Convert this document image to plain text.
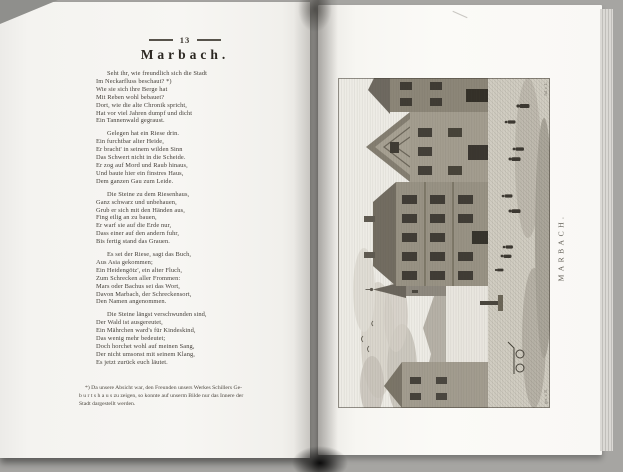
13
Marbach.
Seht ihr, wie freundlich sich die Stadt
Im Neckarfluss beschaut? *)
Wie sie sich ihre Berge hat
Mit Reben wohl bebauet?
Dort, wie die alte Chronik spricht,
Hat vor viel Jahren dumpf und dicht
Ein Tannenwald gegraust.
Gelegen hat ein Riese drin.
Ein furchtbar alter Heide,
Er bracht' in seinem wilden Sinn
Das Schwert nicht in die Scheide.
Er zog auf Mord und Raub hinaus,
Und baute hier ein finstres Haus,
Dem ganzen Gau zum Leide.
Die Steine zu dem Riesenhaus,
Ganz schwarz und unbehauen,
Grub er sich mit den Händen aus,
Fing eilig an zu bauen,
Er warf sie auf die Erde nur,
Dass einer auf den andern fuhr,
Bis fertig stand das Grauen.
Es sei der Riese, sagt das Buch,
Aus Asia gekommen;
Ein Heidengötz', ein alter Fluch,
Zum Schrecken aller Frommen:
Mars oder Bachus sei das Wort,
Davon Marbach, der Schreckensort,
Den Namen angenommen.
Die Steine längst verschwunden sind,
Der Wald ist ausgereutet,
Ein Mährchen ward's für Kindeskind,
Das wenig mehr bedeutet;
Doch horchet wohl auf meinen Sang,
Der nicht umsonst mit seinem Klang,
Es jetzt zurück euch läutet.
*) Da unsere Absicht war, den Freunden unsers Werkes Schillers Ge-
b u r t s h a u s zu zeigen, so konnte auf unserm Bilde nur das Innere der
Stadt dargestellt werden.
gez. v. B.
Jul. v. L.
MARBACH.
